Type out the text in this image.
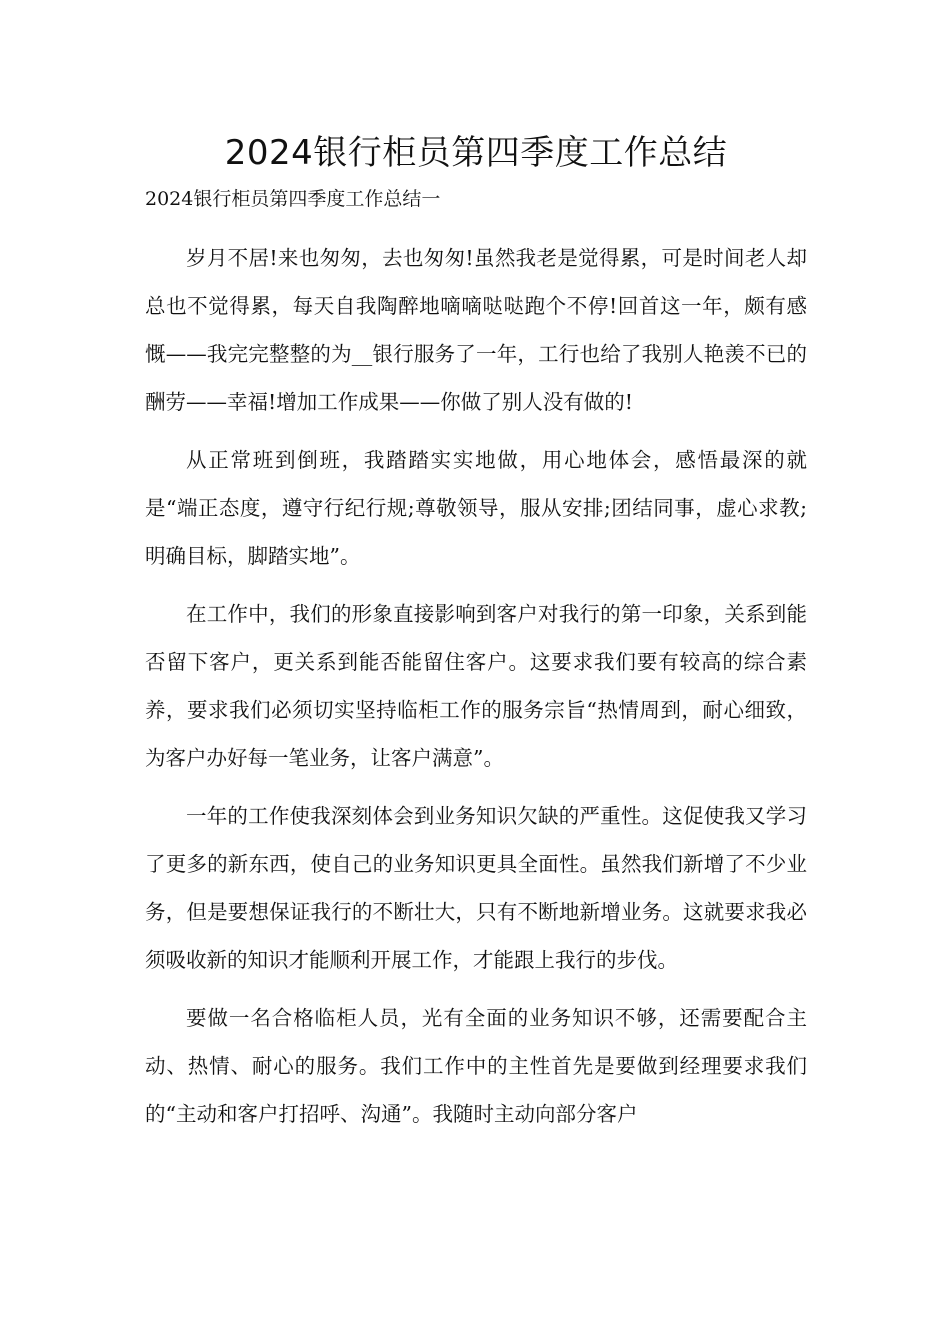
2024银行柜员第四季度工作总结
2024银行柜员第四季度工作总结一

岁月不居!来也匆匆，去也匆匆!虽然我老是觉得累，可是时间老人却总也不觉得累，每天自我陶醉地嘀嘀哒哒跑个不停!回首这一年，颇有感慨——我完完整整的为__银行服务了一年，工行也给了我别人艳羡不已的酬劳——幸福!增加工作成果——你做了别人没有做的!

从正常班到倒班，我踏踏实实地做，用心地体会，感悟最深的就是“端正态度，遵守行纪行规;尊敬领导，服从安排;团结同事，虚心求教;明确目标，脚踏实地”。

在工作中，我们的形象直接影响到客户对我行的第一印象，关系到能否留下客户，更关系到能否能留住客户。这要求我们要有较高的综合素养，要求我们必须切实坚持临柜工作的服务宗旨“热情周到，耐心细致，为客户办好每一笔业务，让客户满意”。

一年的工作使我深刻体会到业务知识欠缺的严重性。这促使我又学习了更多的新东西，使自己的业务知识更具全面性。虽然我们新增了不少业务，但是要想保证我行的不断壮大，只有不断地新增业务。这就要求我必须吸收新的知识才能顺利开展工作，才能跟上我行的步伐。

要做一名合格临柜人员，光有全面的业务知识不够，还需要配合主动、热情、耐心的服务。我们工作中的主性首先是要做到经理要求我们的“主动和客户打招呼、沟通”。我随时主动向部分客户
